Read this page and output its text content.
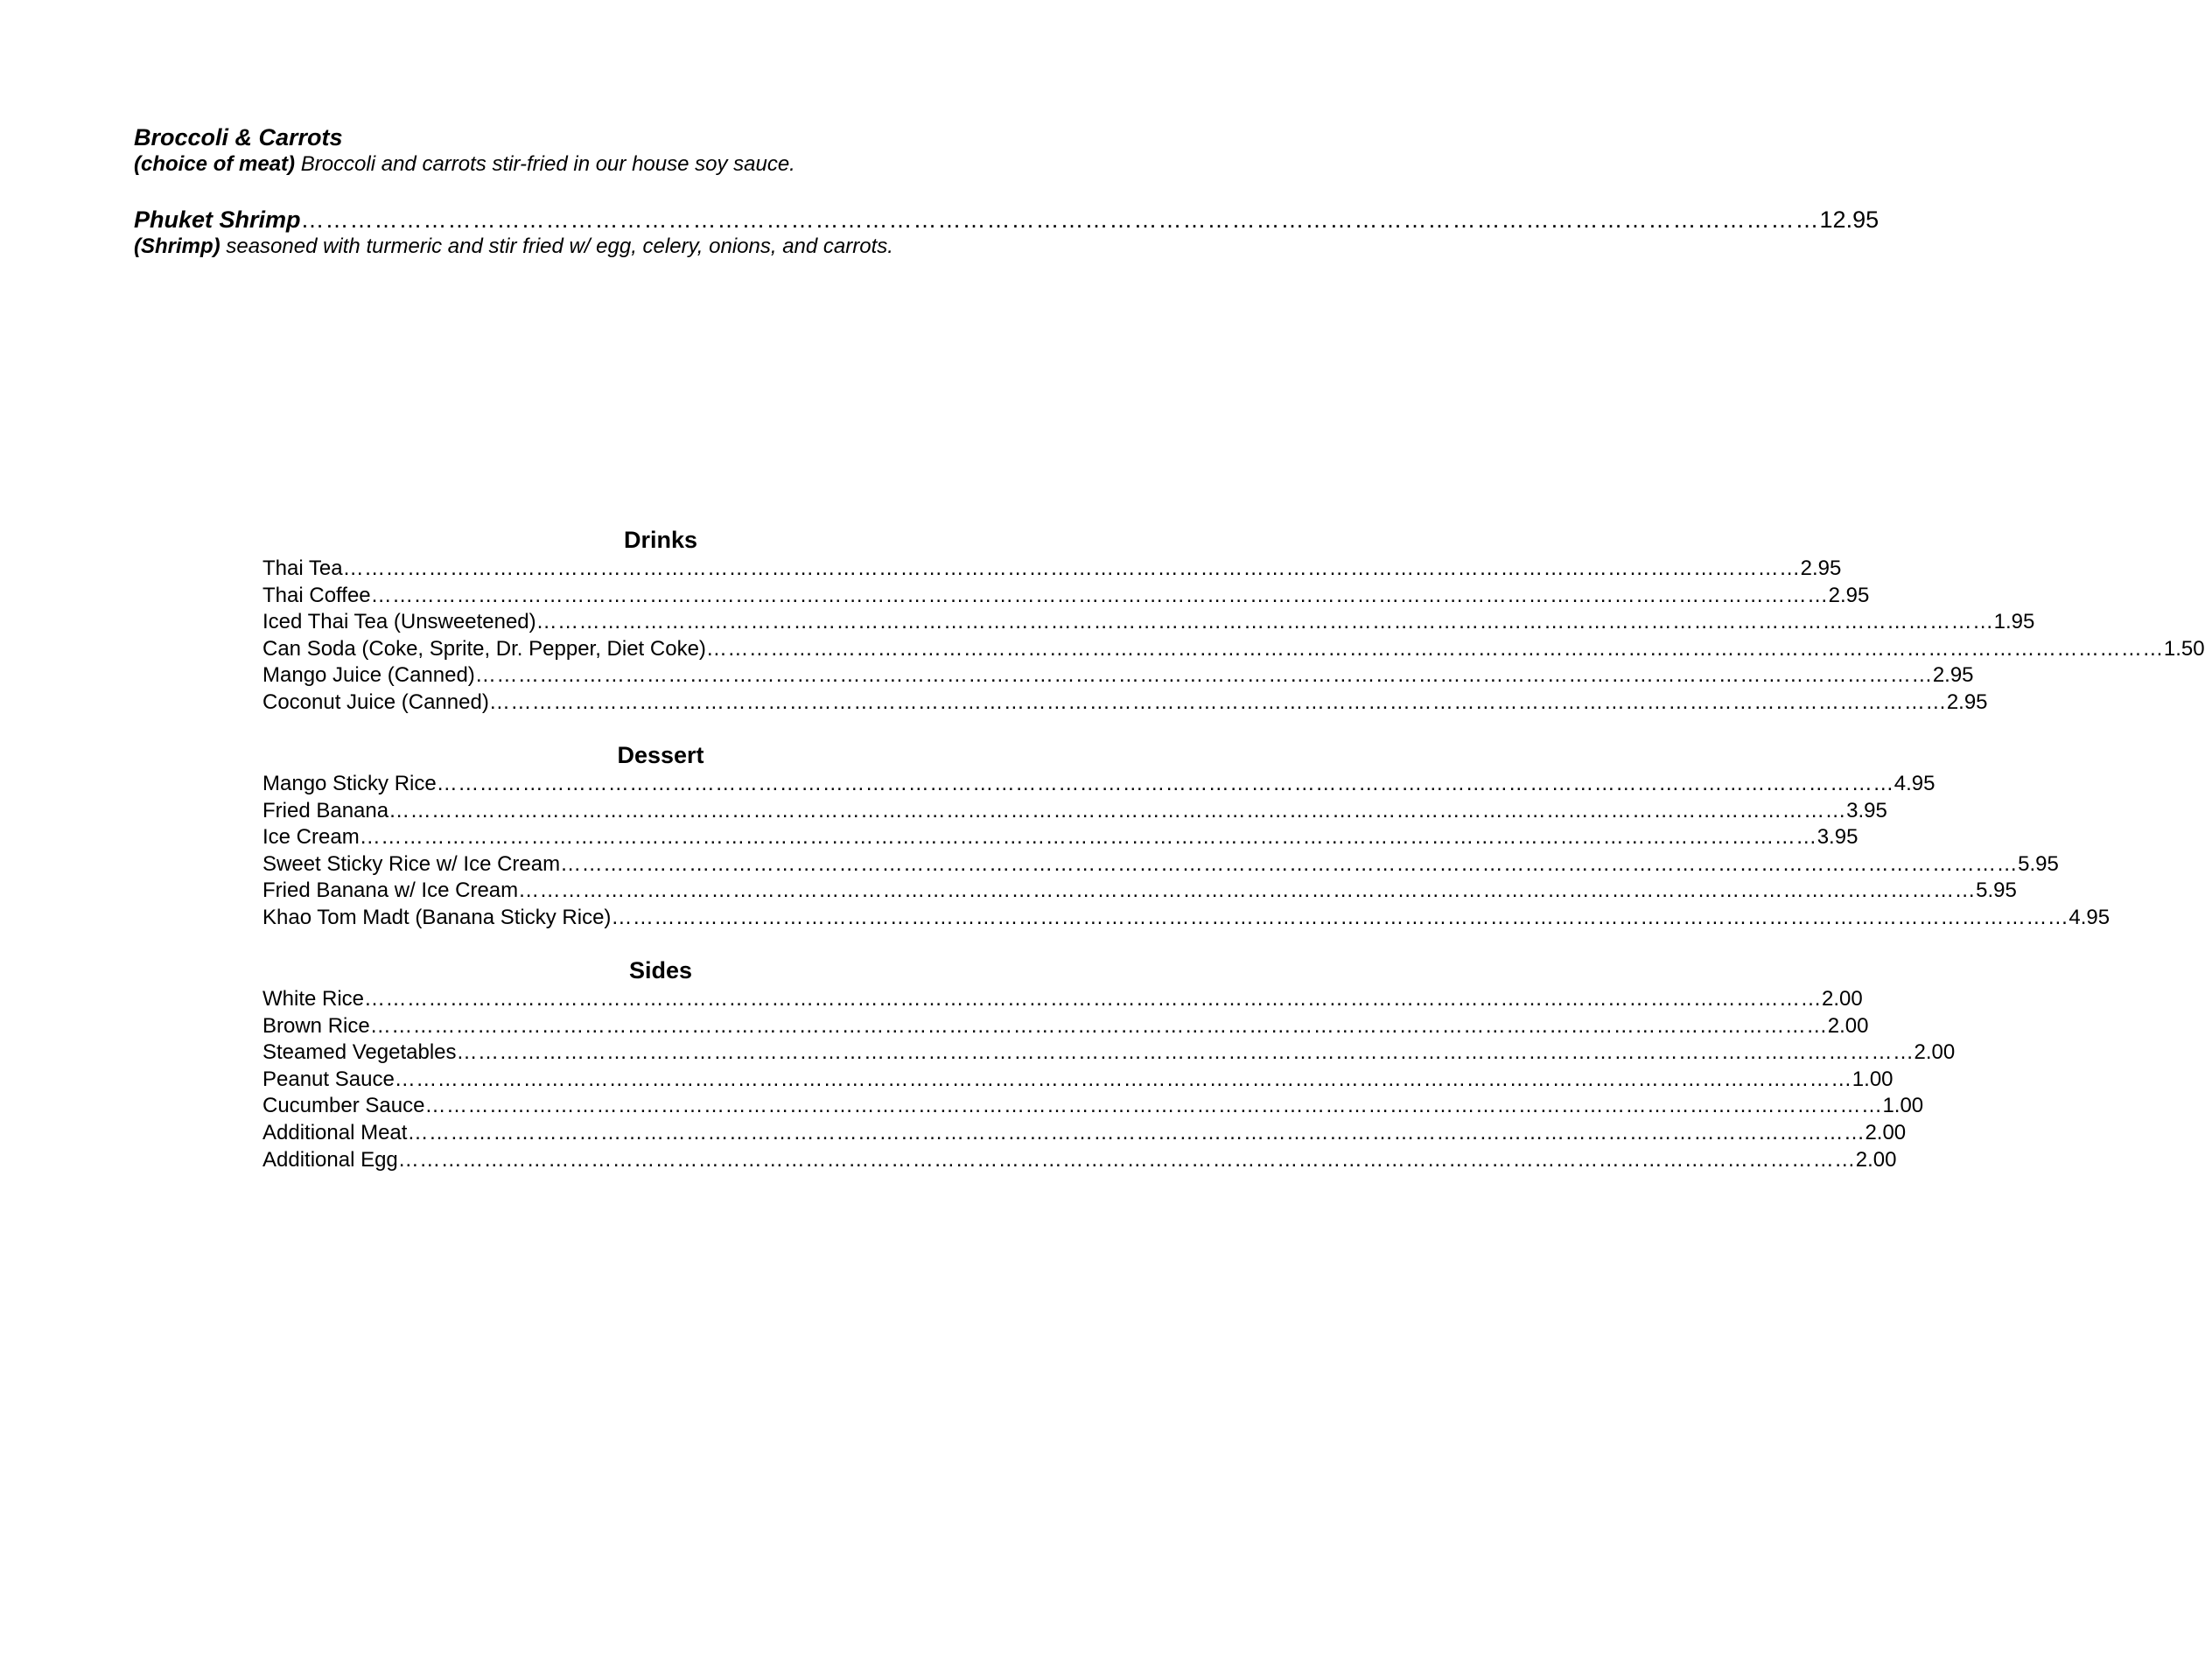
Broccoli & Carrots
(choice of meat) Broccoli and carrots stir-fried in our house soy sauce.
Phuket Shrimp …………………………………………………………………………………………………………………………………………………………………… 12.95
(Shrimp) seasoned with turmeric and stir fried w/ egg, celery, onions, and carrots.
Drinks
Thai Tea …………………………………………………………………………………………………………………………………………………………………………………… 2.95
Thai Coffee …………………………………………………………………………………………………………………………………………………………………………………… 2.95
Iced Thai Tea (Unsweetened) …………………………………………………………………………………………………………………………………………………………………………………… 1.95
Can Soda (Coke, Sprite, Dr. Pepper, Diet Coke) …………………………………………………………………………………………………………………………………………………………………………………… 1.50
Mango Juice (Canned) …………………………………………………………………………………………………………………………………………………………………………………… 2.95
Coconut Juice (Canned) …………………………………………………………………………………………………………………………………………………………………………………… 2.95
Dessert
Mango Sticky Rice …………………………………………………………………………………………………………………………………………………………………………………… 4.95
Fried Banana …………………………………………………………………………………………………………………………………………………………………………………… 3.95
Ice Cream …………………………………………………………………………………………………………………………………………………………………………………… 3.95
Sweet Sticky Rice w/ Ice Cream …………………………………………………………………………………………………………………………………………………………………………………… 5.95
Fried Banana w/ Ice Cream …………………………………………………………………………………………………………………………………………………………………………………… 5.95
Khao Tom Madt (Banana Sticky Rice) …………………………………………………………………………………………………………………………………………………………………………………… 4.95
Sides
White Rice …………………………………………………………………………………………………………………………………………………………………………………… 2.00
Brown Rice …………………………………………………………………………………………………………………………………………………………………………………… 2.00
Steamed Vegetables …………………………………………………………………………………………………………………………………………………………………………………… 2.00
Peanut Sauce …………………………………………………………………………………………………………………………………………………………………………………… 1.00
Cucumber Sauce …………………………………………………………………………………………………………………………………………………………………………………… 1.00
Additional Meat …………………………………………………………………………………………………………………………………………………………………………………… 2.00
Additional Egg …………………………………………………………………………………………………………………………………………………………………………………… 2.00
